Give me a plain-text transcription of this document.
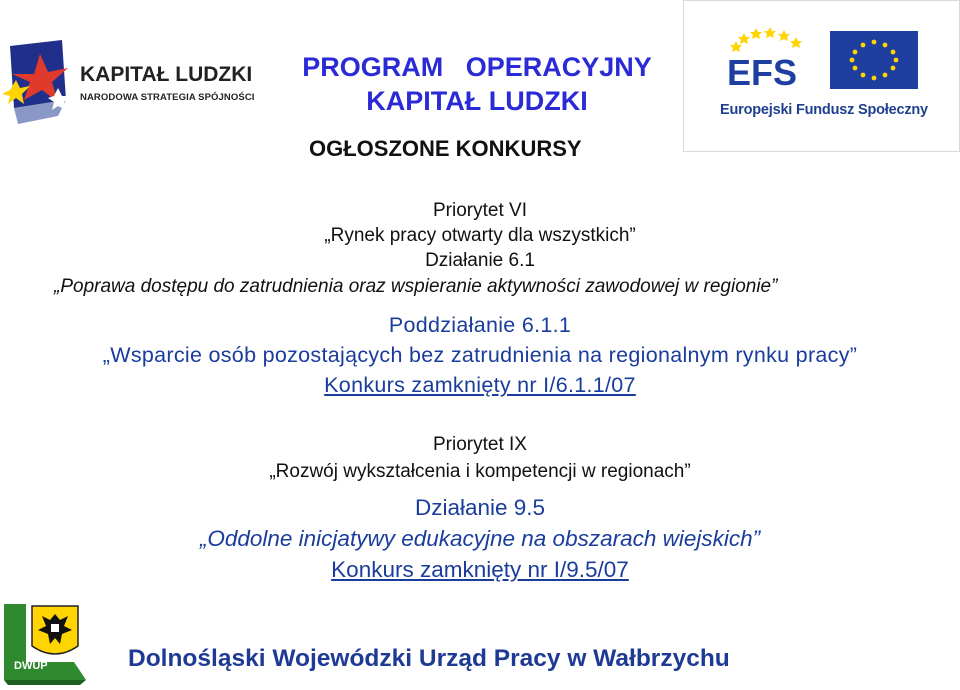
KAPITAŁ LUDZKI
NARODOWA STRATEGIA SPÓJNOŚCI
PROGRAM   OPERACYJNY
KAPITAŁ LUDZKI
EFS
Europejski Fundusz Społeczny
OGŁOSZONE KONKURSY
Priorytet VI
„Rynek pracy otwarty dla wszystkich”
Działanie 6.1
„Poprawa dostępu do zatrudnienia oraz wspieranie aktywności zawodowej w regionie”
Poddziałanie 6.1.1
„Wsparcie osób pozostających bez zatrudnienia na regionalnym rynku pracy”
Konkurs zamknięty nr I/6.1.1/07
Priorytet IX
„Rozwój wykształcenia i kompetencji w regionach”
Działanie 9.5
„Oddolne inicjatywy edukacyjne na obszarach wiejskich”
Konkurs zamknięty nr I/9.5/07
DWUP	Dolnośląski Wojewódzki Urząd Pracy w Wałbrzychu
